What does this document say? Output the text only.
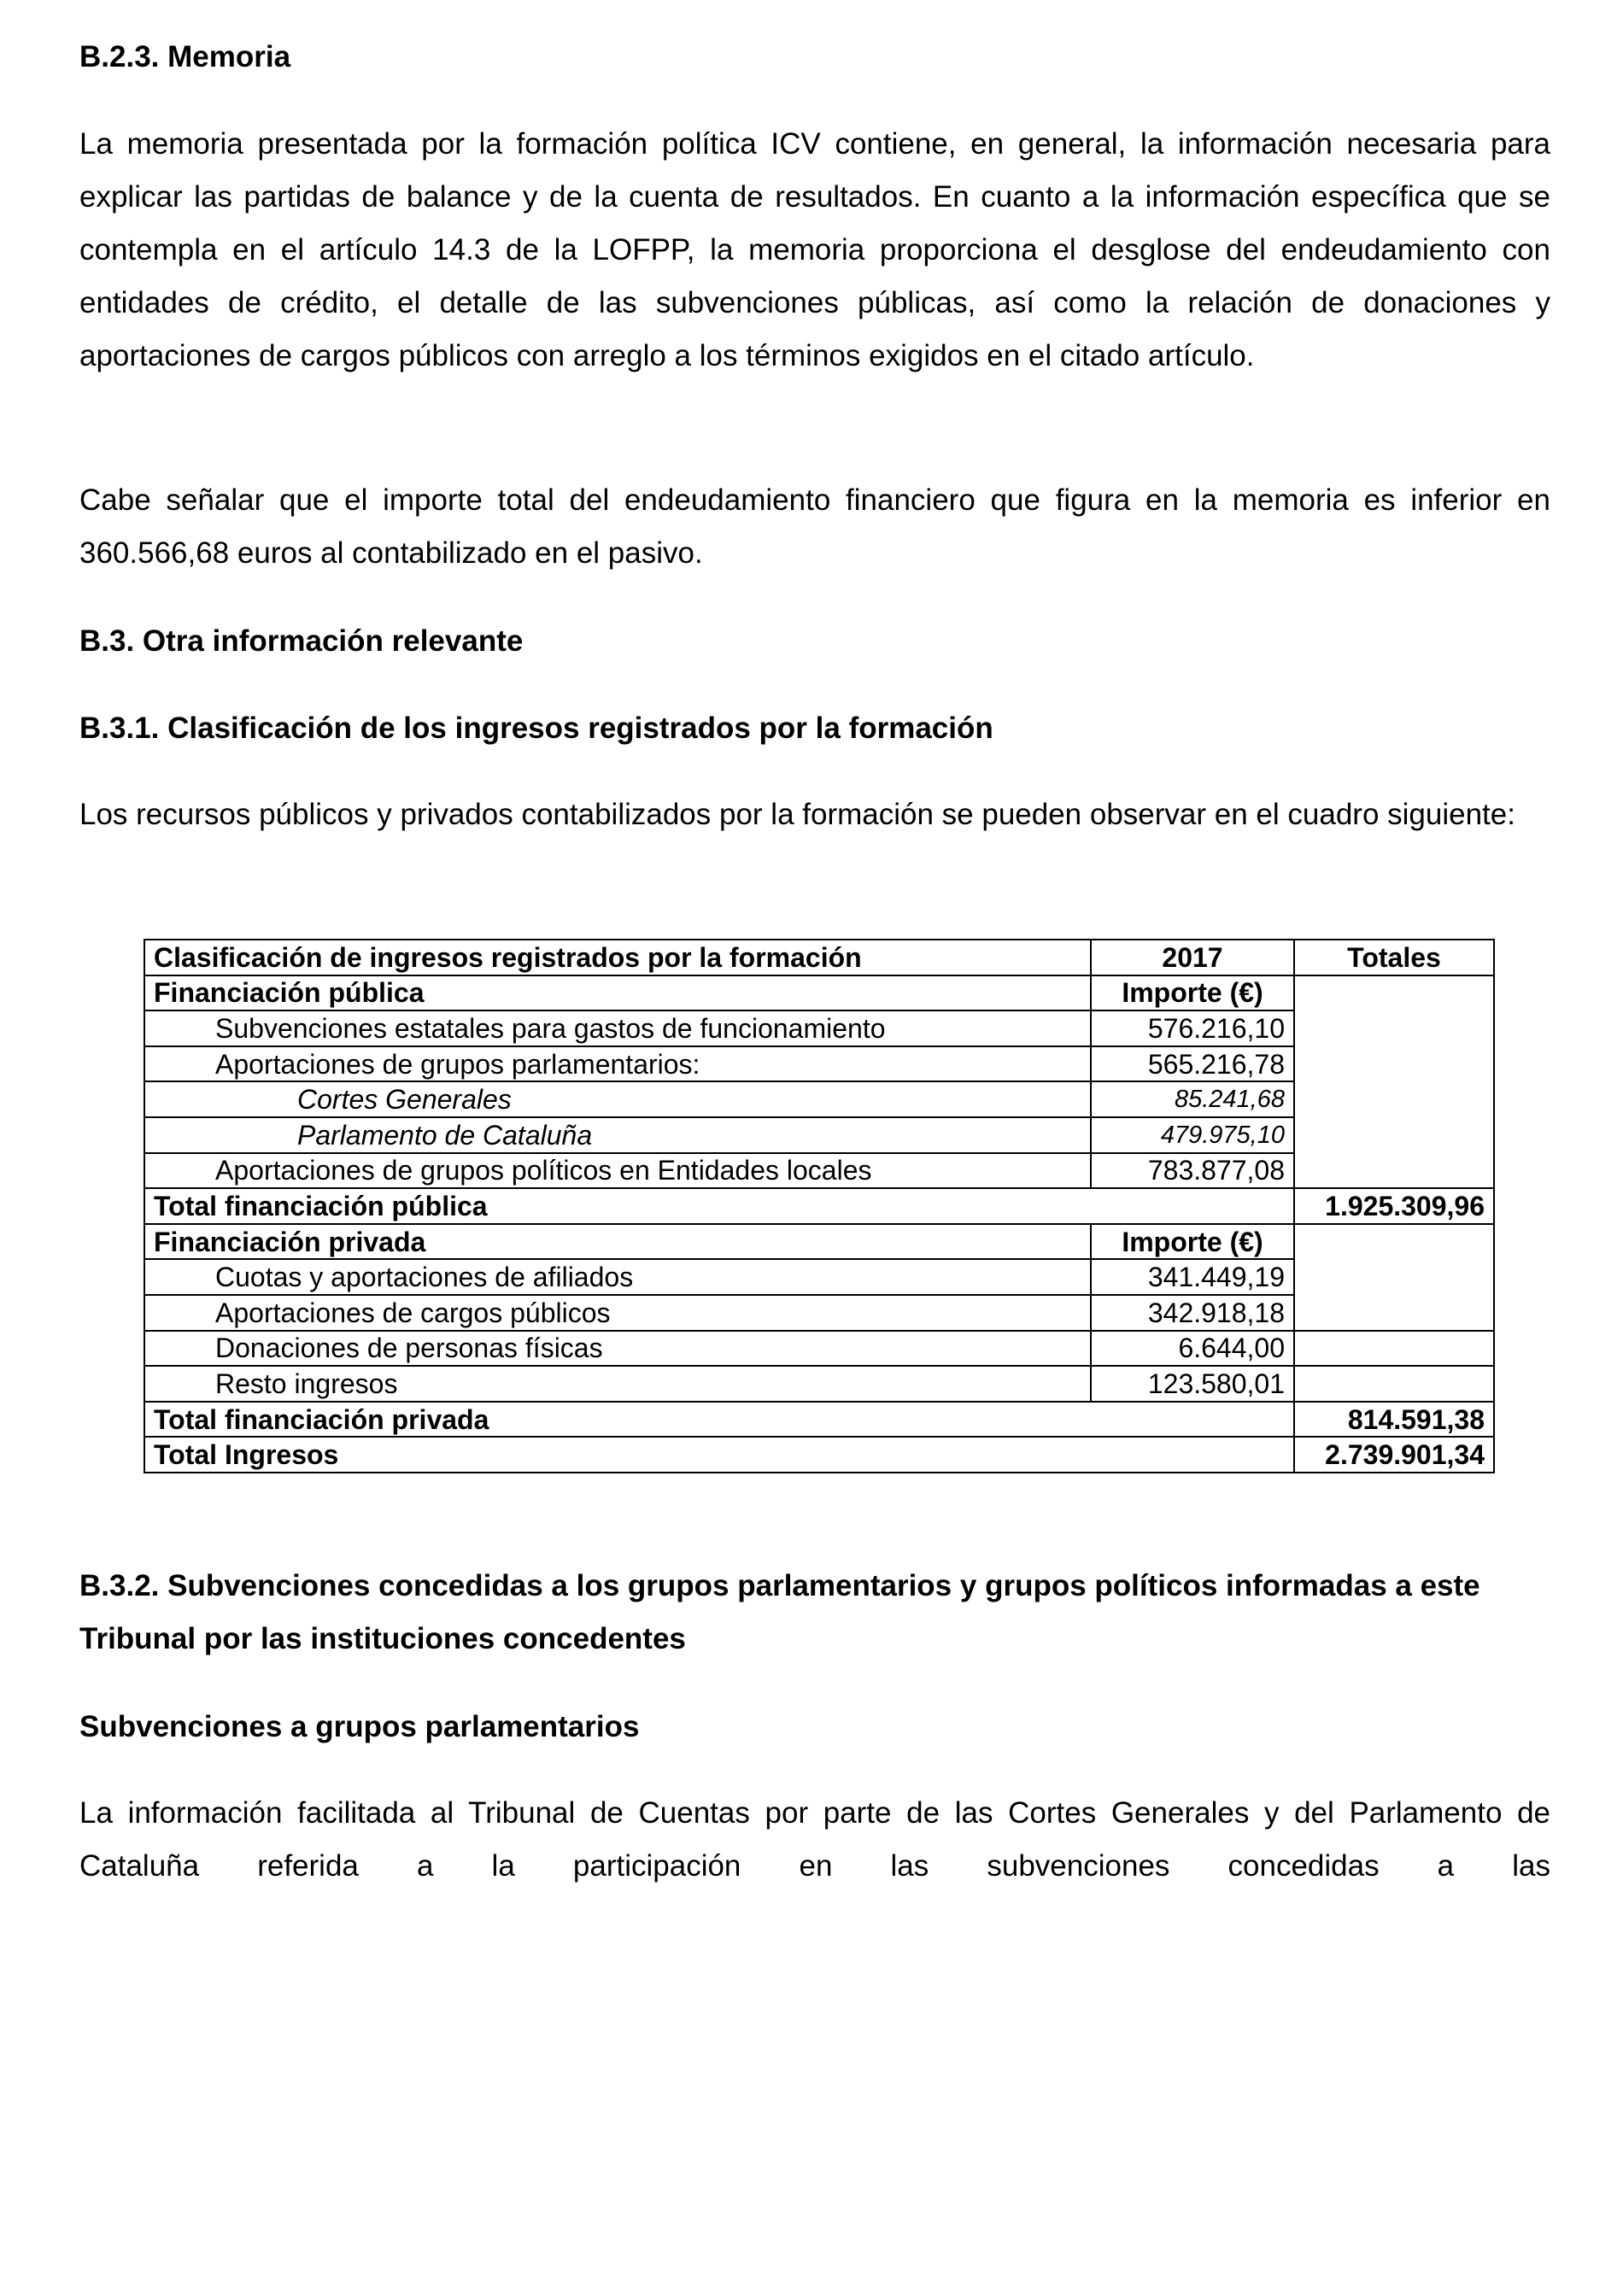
B.2.3. Memoria

La memoria presentada por la formación política ICV contiene, en general, la información necesaria para explicar las partidas de balance y de la cuenta de resultados. En cuanto a la información específica que se contempla en el artículo 14.3 de la LOFPP, la memoria proporciona el desglose del endeudamiento con entidades de crédito, el detalle de las subvenciones públicas, así como la relación de donaciones y aportaciones de cargos públicos con arreglo a los términos exigidos en el citado artículo.

Cabe señalar que el importe total del endeudamiento financiero que figura en la memoria es inferior en 360.566,68 euros al contabilizado en el pasivo.

B.3. Otra información relevante
B.3.1. Clasificación de los ingresos registrados por la formación

Los recursos públicos y privados contabilizados por la formación se pueden observar en el cuadro siguiente:

B.3.2. Subvenciones concedidas a los grupos parlamentarios y grupos políticos informadas a este Tribunal por las instituciones concedentes
Subvenciones a grupos parlamentarios

La información facilitada al Tribunal de Cuentas por parte de las Cortes Generales y del Parlamento de Cataluña referida a la participación en las subvenciones concedidas a las

Clasificación de ingresos registrados por la formación	2017	Totales
Financiación pública	Importe (€)	
Subvenciones estatales para gastos de funcionamiento	576.216,10	
Aportaciones de grupos parlamentarios:	565.216,78	
Cortes Generales	85.241,68	
Parlamento de Cataluña	479.975,10	
Aportaciones de grupos políticos en Entidades locales	783.877,08	
Total financiación pública		1.925.309,96
Financiación privada	Importe (€)	
Cuotas y aportaciones de afiliados	341.449,19	
Aportaciones de cargos públicos	342.918,18	
Donaciones de personas físicas	6.644,00	
Resto ingresos	123.580,01	
Total financiación privada		814.591,38
Total Ingresos		2.739.901,34
